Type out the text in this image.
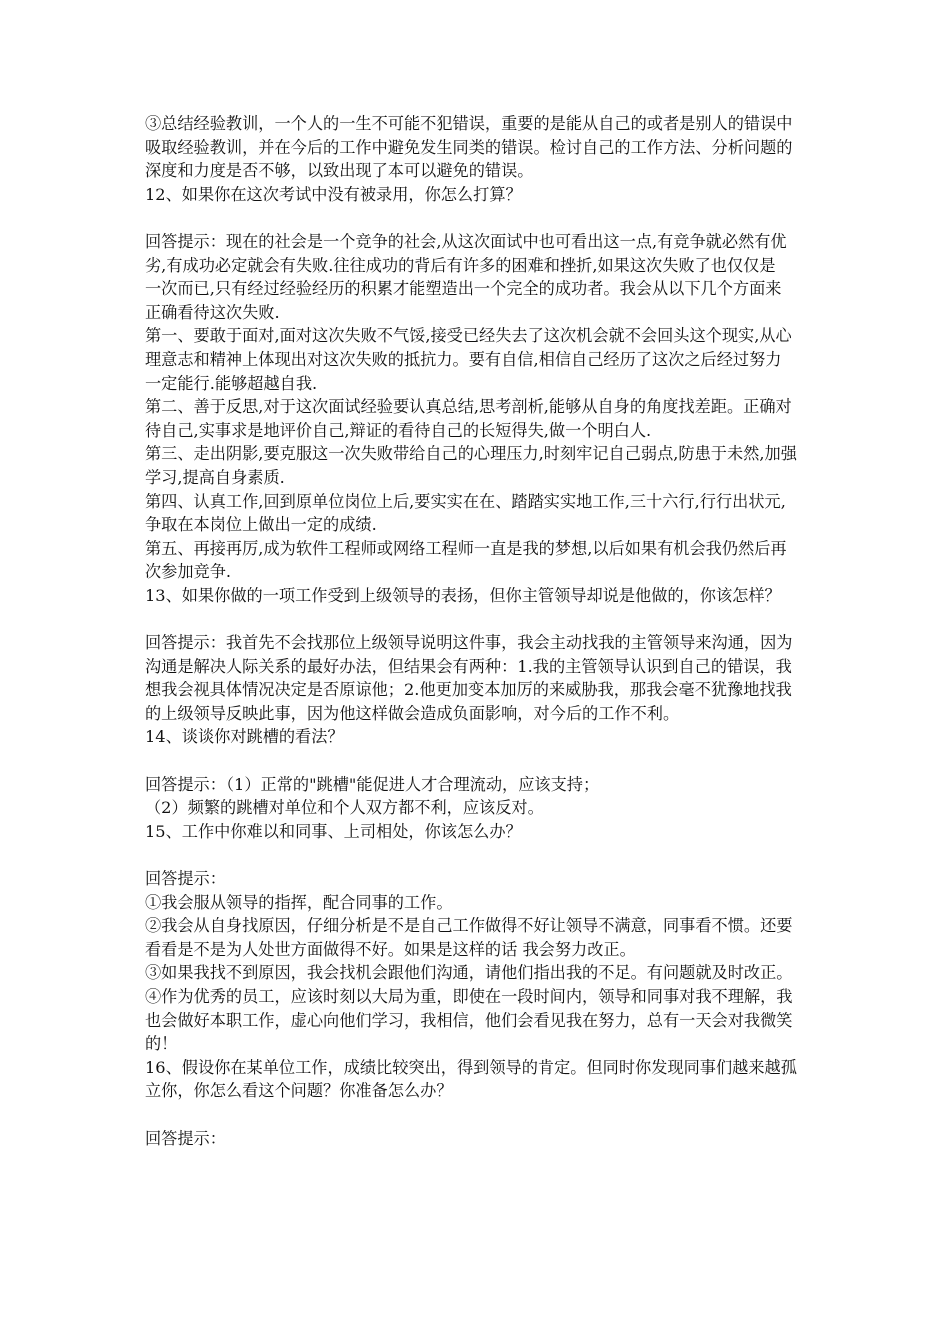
③总结经验教训，一个人的一生不可能不犯错误，重要的是能从自己的或者是别人的错误中
吸取经验教训，并在今后的工作中避免发生同类的错误。检讨自己的工作方法、分析问题的
深度和力度是否不够，以致出现了本可以避免的错误。
12、如果你在这次考试中没有被录用，你怎么打算？
回答提示：现在的社会是一个竞争的社会,从这次面试中也可看出这一点,有竞争就必然有优
劣,有成功必定就会有失败.往往成功的背后有许多的困难和挫折,如果这次失败了也仅仅是
一次而已,只有经过经验经历的积累才能塑造出一个完全的成功者。我会从以下几个方面来
正确看待这次失败.
第一、要敢于面对,面对这次失败不气馁,接受已经失去了这次机会就不会回头这个现实,从心
理意志和精神上体现出对这次失败的抵抗力。要有自信,相信自己经历了这次之后经过努力
一定能行.能够超越自我.
第二、善于反思,对于这次面试经验要认真总结,思考剖析,能够从自身的角度找差距。正确对
待自己,实事求是地评价自己,辩证的看待自己的长短得失,做一个明白人.
第三、走出阴影,要克服这一次失败带给自己的心理压力,时刻牢记自己弱点,防患于未然,加强
学习,提高自身素质.
第四、认真工作,回到原单位岗位上后,要实实在在、踏踏实实地工作,三十六行,行行出状元,
争取在本岗位上做出一定的成绩.
第五、再接再厉,成为软件工程师或网络工程师一直是我的梦想,以后如果有机会我仍然后再
次参加竞争.
13、如果你做的一项工作受到上级领导的表扬，但你主管领导却说是他做的，你该怎样？
回答提示：我首先不会找那位上级领导说明这件事，我会主动找我的主管领导来沟通，因为
沟通是解决人际关系的最好办法，但结果会有两种：1.我的主管领导认识到自己的错误，我
想我会视具体情况决定是否原谅他；2.他更加变本加厉的来威胁我，那我会毫不犹豫地找我
的上级领导反映此事，因为他这样做会造成负面影响，对今后的工作不利。
14、谈谈你对跳槽的看法？
回答提示：（1）正常的"跳槽"能促进人才合理流动，应该支持；
（2）频繁的跳槽对单位和个人双方都不利，应该反对。
15、工作中你难以和同事、上司相处，你该怎么办？
回答提示：
①我会服从领导的指挥，配合同事的工作。
②我会从自身找原因，仔细分析是不是自己工作做得不好让领导不满意，同事看不惯。还要
看看是不是为人处世方面做得不好。如果是这样的话 我会努力改正。
③如果我找不到原因，我会找机会跟他们沟通，请他们指出我的不足。有问题就及时改正。
④作为优秀的员工，应该时刻以大局为重，即使在一段时间内，领导和同事对我不理解，我
也会做好本职工作，虚心向他们学习，我相信，他们会看见我在努力，总有一天会对我微笑
的！
16、假设你在某单位工作，成绩比较突出，得到领导的肯定。但同时你发现同事们越来越孤
立你，你怎么看这个问题？你准备怎么办？
回答提示：
